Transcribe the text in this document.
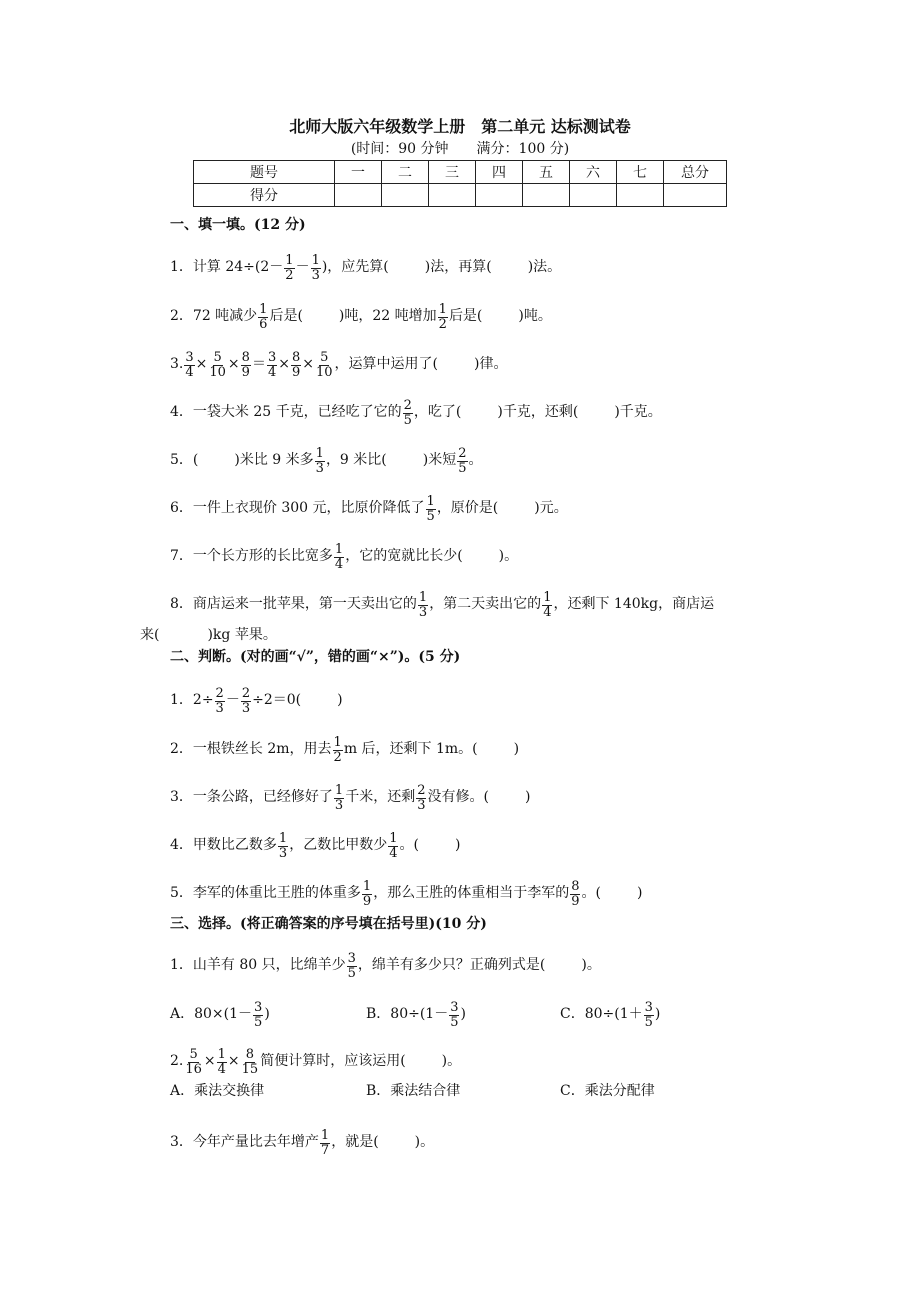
北师大版六年级数学上册　第二单元 达标测试卷
(时间：90 分钟　　满分：100 分)
题号	一	二	三	四	五	六	七	总分
得分								
一、填一填。(12 分)
1．计算 $24\div(2- \frac{1}{2} - \frac{1}{3}$ )，应先算(	)法，再算(	)法。
2．72 吨减少 $\frac{1}{6}$ 后是(	)吨，22 吨增加 $\frac{1}{2}$ 后是(	)吨。
3. $\frac{3}{4} \times \frac{5}{10} \times \frac{8}{9} = \frac{3}{4} \times \frac{8}{9} \times \frac{5}{10}$ ，运算中运用了(	)律。
4．一袋大米 25 千克，已经吃了它的 $\frac{2}{5}$ ，吃了(	)千克，还剩(	)千克。
5．(	)米比 9 米多 $\frac{1}{3}$ ，9 米比(	)米短 $\frac{2}{5}$ 。
6．一件上衣现价 300 元，比原价降低了 $\frac{1}{5}$ ，原价是(	)元。
7．一个长方形的长比宽多 $\frac{1}{4}$ ，它的宽就比长少(	)。
8．商店运来一批苹果，第一天卖出它的 $\frac{1}{3}$ ，第二天卖出它的 $\frac{1}{4}$ ，还剩下 140kg，商店运
来(	)kg 苹果。
二、判断。(对的画“√”，错的画“×”)。(5 分)
1．$2\div \frac{2}{3} - \frac{2}{3} \div 2=0$(	)
2．一根铁丝长 2m，用去 $\frac{1}{2}$ m 后，还剩下 1m。(	)
3．一条公路，已经修好了 $\frac{1}{3}$ 千米，还剩 $\frac{2}{3}$ 没有修。(	)
4．甲数比乙数多 $\frac{1}{3}$ ，乙数比甲数少 $\frac{1}{4}$ 。(	)
5．李军的体重比王胜的体重多 $\frac{1}{9}$ ，那么王胜的体重相当于李军的 $\frac{8}{9}$ 。(	)
三、选择。(将正确答案的序号填在括号里)(10 分)
1．山羊有 80 只，比绵羊少 $\frac{3}{5}$ ，绵羊有多少只？正确列式是(	)。
A．$80\times(1- \frac{3}{5}$ )	B．$80\div(1- \frac{3}{5}$ )	C．$80\div(1+ \frac{3}{5}$ )
2. $\frac{5}{16} \times \frac{1}{4} \times \frac{8}{15}$ 简便计算时，应该运用(	)。
A．乘法交换律	B．乘法结合律	C．乘法分配律
3．今年产量比去年增产 $\frac{1}{7}$ ，就是(	)。
